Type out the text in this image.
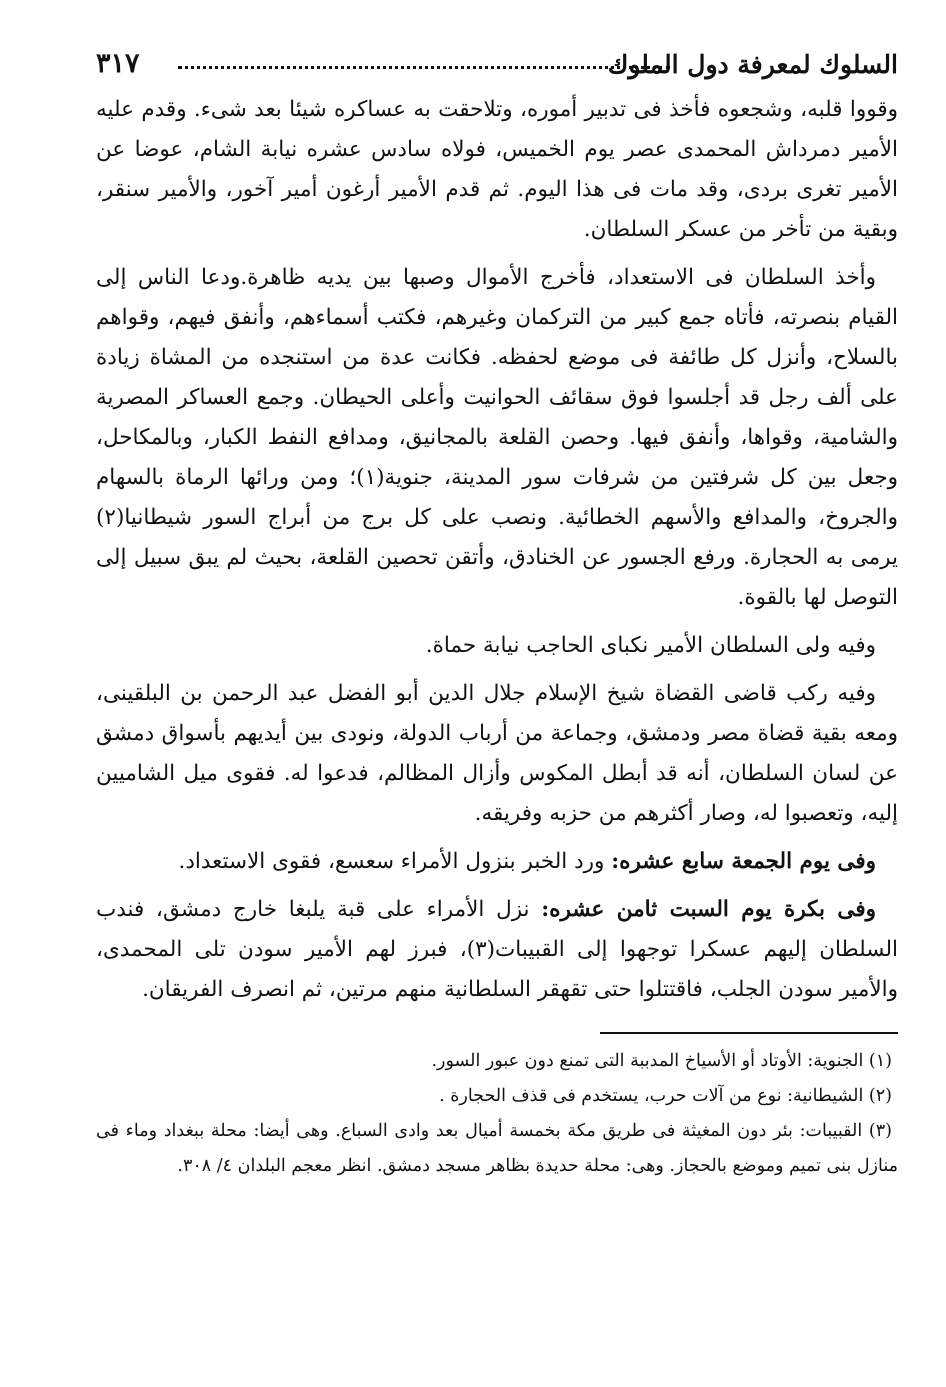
السلوك لمعرفة دول الملوك
٣١٧

وقووا قلبه، وشجعوه فأخذ فى تدبير أموره، وتلاحقت به عساكره شيئا بعد شىء. وقدم عليه الأمير دمرداش المحمدى عصر يوم الخميس، فولاه سادس عشره نيابة الشام، عوضا عن الأمير تغرى بردى، وقد مات فى هذا اليوم. ثم قدم الأمير أرغون أمير آخور، والأمير سنقر، وبقية من تأخر من عسكر السلطان.

وأخذ السلطان فى الاستعداد، فأخرج الأموال وصبها بين يديه ظاهرة.ودعا الناس إلى القيام بنصرته، فأتاه جمع كبير من التركمان وغيرهم، فكتب أسماءهم، وأنفق فيهم، وقواهم بالسلاح، وأنزل كل طائفة فى موضع لحفظه. فكانت عدة من استنجده من المشاة زيادة على ألف رجل قد أجلسوا فوق سقائف الحوانيت وأعلى الحيطان. وجمع العساكر المصرية والشامية، وقواها، وأنفق فيها. وحصن القلعة بالمجانيق، ومدافع النفط الكبار، وبالمكاحل، وجعل بين كل شرفتين من شرفات سور المدينة، جنوية(١)؛ ومن ورائها الرماة بالسهام والجروخ، والمدافع والأسهم الخطائية. ونصب على كل برج من أبراج السور شيطانيا(٢) يرمى به الحجارة. ورفع الجسور عن الخنادق، وأتقن تحصين القلعة، بحيث لم يبق سبيل إلى التوصل لها بالقوة.

وفيه ولى السلطان الأمير نكباى الحاجب نيابة حماة.

وفيه ركب قاضى القضاة شيخ الإسلام جلال الدين أبو الفضل عبد الرحمن بن البلقينى، ومعه بقية قضاة مصر ودمشق، وجماعة من أرباب الدولة، ونودى بين أيديهم بأسواق دمشق عن لسان السلطان، أنه قد أبطل المكوس وأزال المظالم، فدعوا له. فقوى ميل الشاميين إليه، وتعصبوا له، وصار أكثرهم من حزبه وفريقه.

وفى يوم الجمعة سابع عشره: ورد الخبر بنزول الأمراء سعسع، فقوى الاستعداد.

وفى بكرة يوم السبت ثامن عشره: نزل الأمراء على قبة يلبغا خارج دمشق، فندب السلطان إليهم عسكرا توجهوا إلى القبيبات(٣)، فبرز لهم الأمير سودن تلى المحمدى، والأمير سودن الجلب، فاقتتلوا حتى تقهقر السلطانية منهم مرتين، ثم انصرف الفريقان.

(١) الجنوية: الأوتاد أو الأسياخ المدببة التى تمنع دون عبور السور.

(٢) الشيطانية: نوع من آلات حرب، يستخدم فى قذف الحجارة .

(٣) القبيبات: بئر دون المغيثة فى طريق مكة بخمسة أميال بعد وادى السباع. وهى أيضا: محلة ببغداد وماء فى منازل بنى تميم وموضع بالحجاز. وهى: محلة حديدة بظاهر مسجد دمشق. انظر معجم البلدان ٤/ ٣٠٨.
